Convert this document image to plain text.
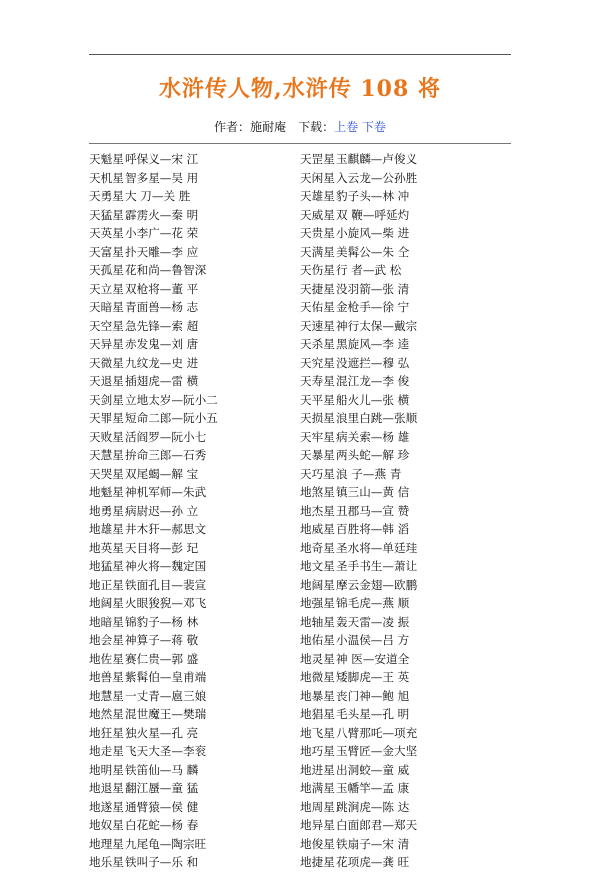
水浒传人物,水浒传 108 将
作者：施耐庵 下载：上卷 下卷
天魁星呼保义—宋 江
天机星智多星—吴 用
天勇星大 刀—关 胜
天猛星霹雳火—秦 明
天英星小李广—花 荣
天富星扑天雕—李 应
天孤星花和尚—鲁智深
天立星双枪将—董 平
天暗星青面兽—杨 志
天空星急先锋—索 超
天异星赤发鬼—刘 唐
天微星九纹龙—史 进
天退星插翅虎—雷 横
天剑星立地太岁—阮小二
天罪星短命二郎—阮小五
天败星活阎罗—阮小七
天慧星拚命三郎—石秀
天哭星双尾蝎—解 宝
地魁星神机军师—朱武
地勇星病尉迟—孙 立
地雄星井木犴—郝思文
地英星天目将—彭 玘
地猛星神火将—魏定国
地正星铁面孔目—裴宣
地阔星火眼狻猊—邓飞
地暗星锦豹子—杨 林
地会星神算子—蒋 敬
地佐星赛仁贵—郭 盛
地兽星紫髯伯—皇甫端
地慧星一丈青—扈三娘
地然星混世魔王—樊瑞
地狂星独火星—孔 亮
地走星飞天大圣—李衮
地明星铁笛仙—马 麟
地退星翻江蜃—童 猛
地遂星通臂猿—侯 健
地奴星白花蛇—杨 春
地理星九尾龟—陶宗旺
地乐星铁叫子—乐 和
天罡星玉麒麟—卢俊义
天闲星入云龙—公孙胜
天雄星豹子头—林 冲
天威星双 鞭—呼延灼
天贵星小旋风—柴 进
天满星美髯公—朱 仝
天伤星行 者—武 松
天捷星没羽箭—张 清
天佑星金枪手—徐 宁
天速星神行太保—戴宗
天杀星黑旋风—李 逵
天究星没遮拦—穆 弘
天寿星混江龙—李 俊
天平星船火儿—张 横
天损星浪里白跳—张顺
天牢星病关索—杨 雄
天暴星两头蛇—解 珍
天巧星浪 子—燕 青
地煞星镇三山—黄 信
地杰星丑郡马—宣 赞
地威星百胜将—韩 滔
地奇星圣水将—单廷珪
地文星圣手书生—萧让
地阔星摩云金翅—欧鹏
地强星锦毛虎—燕 顺
地轴星轰天雷—凌 振
地佑星小温侯—吕 方
地灵星神 医—安道全
地微星矮脚虎—王 英
地暴星丧门神—鲍 旭
地猖星毛头星—孔 明
地飞星八臂那吒—项充
地巧星玉臂匠—金大坚
地进星出洞蛟—童 威
地满星玉幡竿—孟 康
地周星跳涧虎—陈 达
地异星白面郎君—郑天
地俊星铁扇子—宋 清
地捷星花项虎—龚 旺
